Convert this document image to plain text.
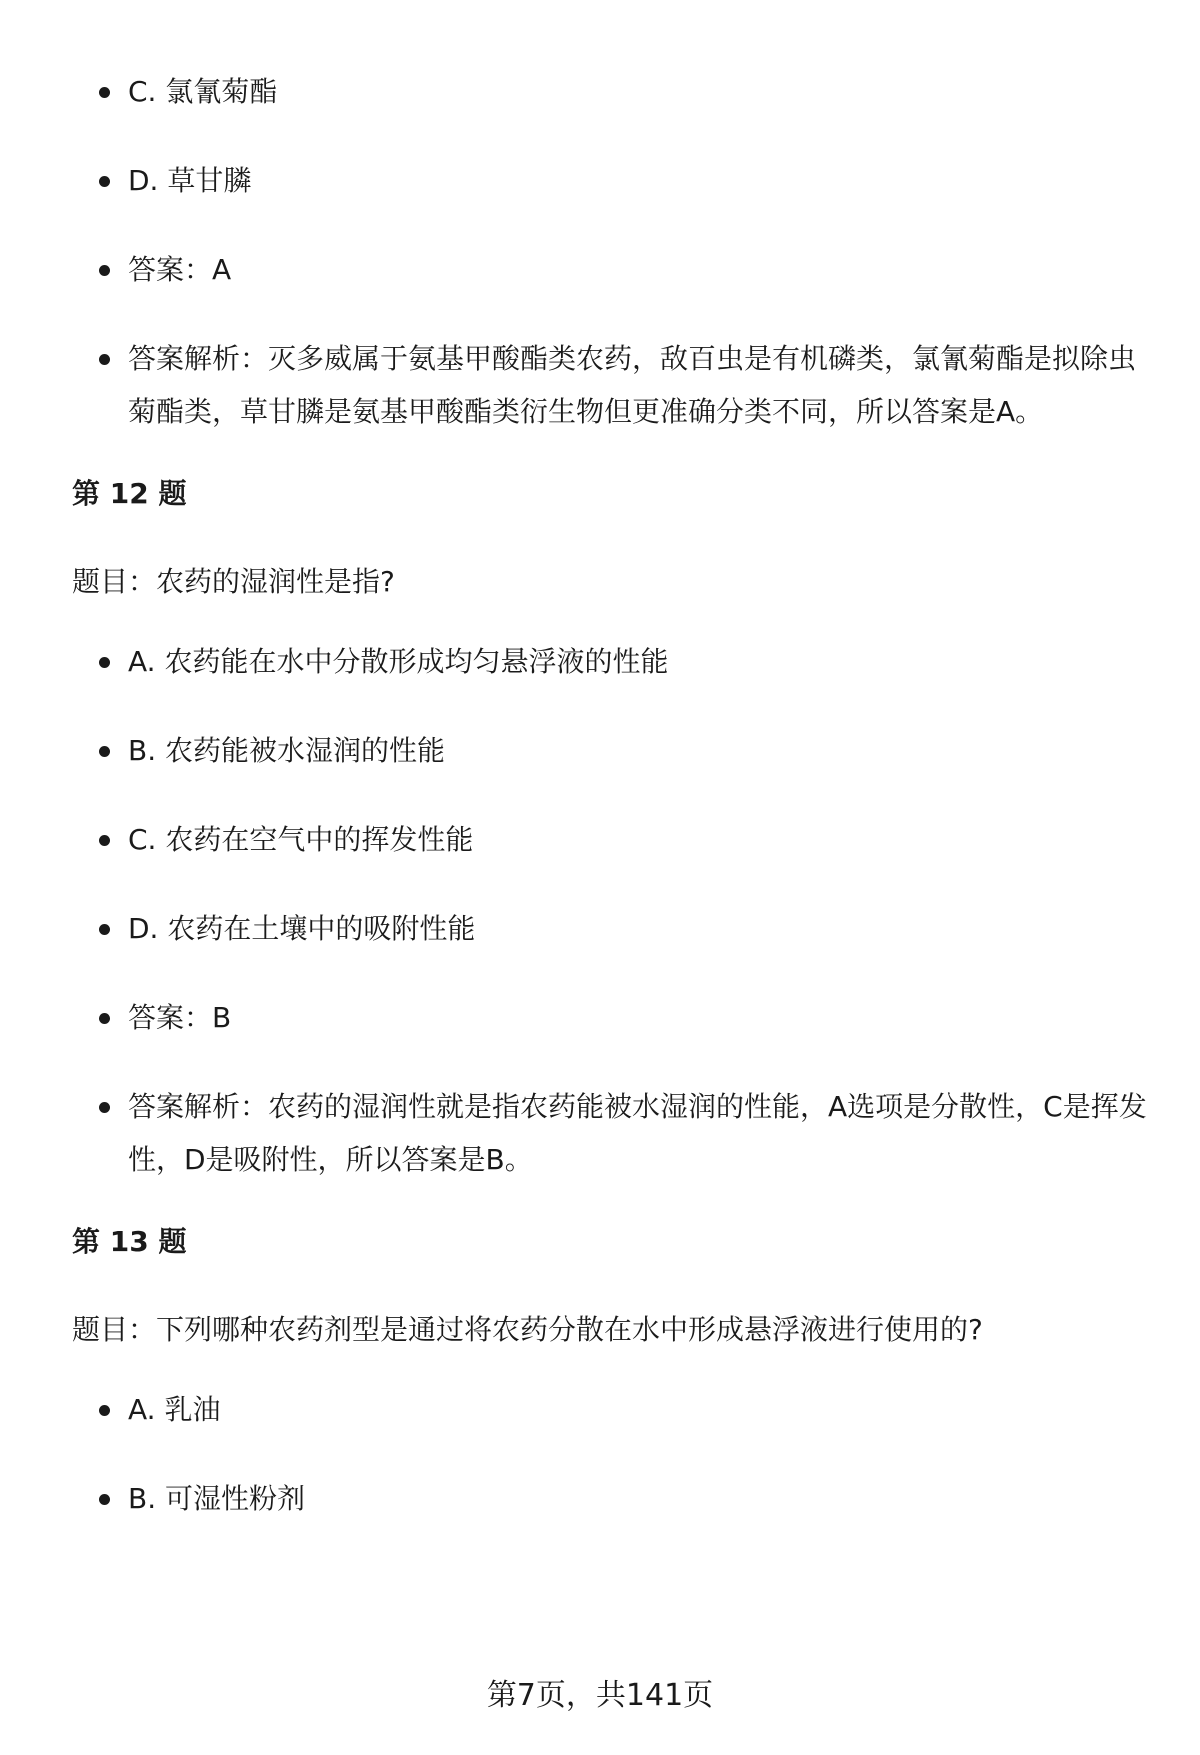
C. 氯氰菊酯
D. 草甘膦
答案：A
答案解析：灭多威属于氨基甲酸酯类农药，敌百虫是有机磷类，氯氰菊酯是拟除虫菊酯类，草甘膦是氨基甲酸酯类衍生物但更准确分类不同，所以答案是A。
第 12 题
题目：农药的湿润性是指?
A. 农药能在水中分散形成均匀悬浮液的性能
B. 农药能被水湿润的性能
C. 农药在空气中的挥发性能
D. 农药在土壤中的吸附性能
答案：B
答案解析：农药的湿润性就是指农药能被水湿润的性能，A选项是分散性，C是挥发性，D是吸附性，所以答案是B。
第 13 题
题目：下列哪种农药剂型是通过将农药分散在水中形成悬浮液进行使用的?
A. 乳油
B. 可湿性粉剂
第7页，共141页
